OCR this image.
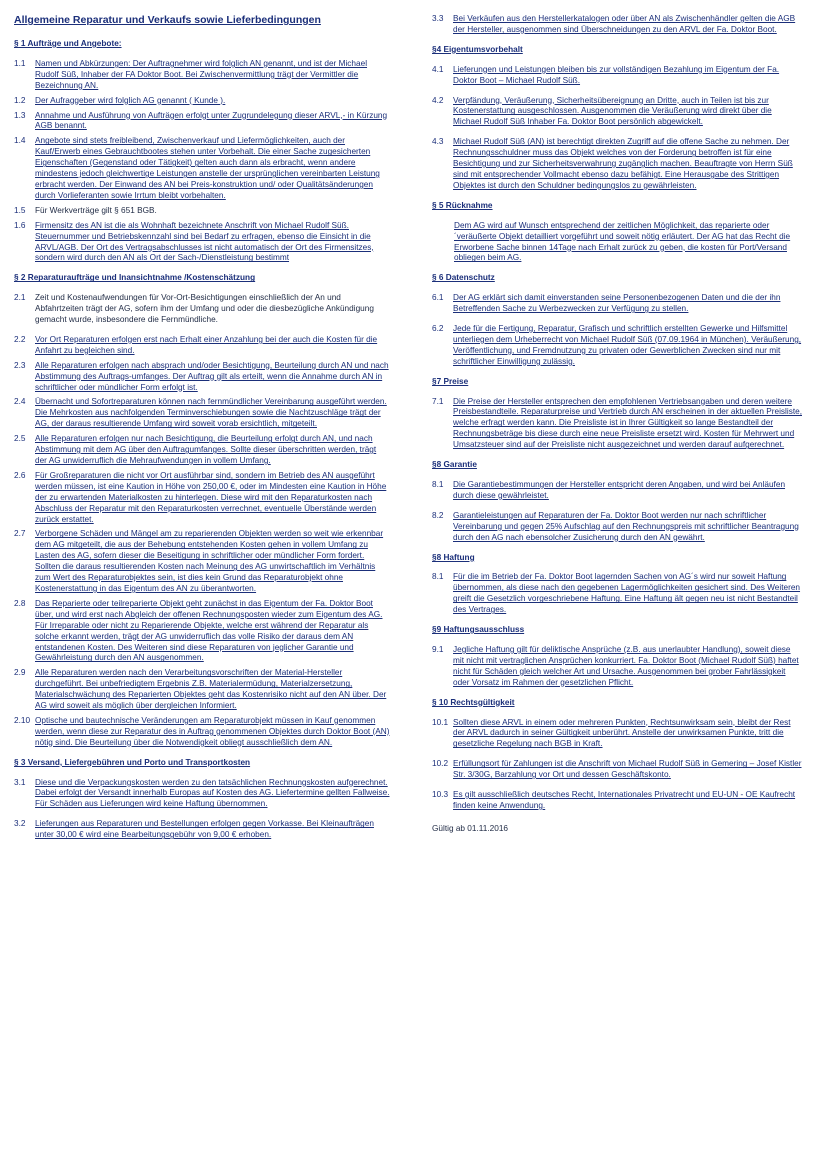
Allgemeine Reparatur und Verkaufs sowie Lieferbedingungen
§ 1 Aufträge und Angebote:
1.1	Namen und Abkürzungen: Der Auftragnehmer wird folglich AN genannt, und ist der Michael Rudolf Süß, Inhaber der FA Doktor Boot. Bei Zwischenvermittlung trägt der Vermittler die Bezeichnung AN.
1.2	Der Aufraggeber wird folglich AG genannt ( Kunde ).
1.3	Annahme und Ausführung von Aufträgen erfolgt unter Zugrundelegung dieser ARVL,- in Kürzung AGB benannt.
1.4	Angebote sind stets freibleibend, Zwischenverkauf und Liefermöglichkeiten, auch der Kauf/Erwerb eines Gebrauchtbootes stehen unter Vorbehalt. Die einer Sache zugesicherten Eigenschaften (Gegenstand oder Tätigkeit) gelten auch dann als erbracht, wenn andere mindestens jedoch gleichwertige Leistungen anstelle der ursprünglichen vereinbarten Leistung erbracht werden. Der Einwand des AN bei Preis-konstruktion und/ oder Qualitätsänderungen durch Vorlieferanten sowie Irrtum bleibt vorbehalten.
1.5	Für Werkverträge gilt § 651 BGB.
1.6	Firmensitz des AN ist die als Wohnhaft bezeichnete Anschrift von Michael Rudolf Süß. Steuernummer und Betriebskennzahl sind bei Bedarf zu erfragen, ebenso die Einsicht in die ARVL/AGB. Der Ort des Vertragsabschlusses ist nicht automatisch der Ort des Firmensitzes, sondern wird durch den AN als Ort der Sach-/Dienstleistung bestimmt
§ 2 Reparaturaufträge und Inansichtnahme /Kostenschätzung
2.1	Zeit und Kostenaufwendungen für Vor-Ort-Besichtigungen einschließlich der An und Abfahrtzeiten trägt der AG, sofern ihm der Umfang und oder die diesbezügliche Ankündigung gemacht wurde, insbesondere die Fernmündliche.
2.2	Vor Ort Reparaturen erfolgen erst nach Erhalt einer Anzahlung bei der auch die Kosten für die Anfahrt zu begleichen sind.
2.3	Alle Reparaturen erfolgen nach absprach und/oder Besichtigung, Beurteilung durch AN und nach Abstimmung des Auftrags-umfanges. Der Auftrag gilt als erteilt, wenn die Annahme durch AN in schriftlicher oder mündlicher Form erfolgt ist.
2.4	Übernacht und Sofortreparaturen können nach fernmündlicher Vereinbarung ausgeführt werden. Die Mehrkosten aus nachfolgenden Terminverschiebungen sowie die Nachtzuschläge trägt der AG, der daraus resultierende Umfang wird soweit vorab ersichtlich, mitgeteilt.
2.5	Alle Reparaturen erfolgen nur nach Besichtigung, die Beurteilung erfolgt durch AN, und nach Abstimmung mit dem AG über den Auftragumfanges. Sollte dieser überschritten werden, trägt der AG unwiderruflich die Mehraufwendungen in vollem Umfang.
2.6	Für Großreparaturen die nicht vor Ort ausführbar sind, sondern im Betrieb des AN ausgeführt werden müssen, ist eine Kaution in Höhe von 250,00 €, oder im Mindesten eine Kaution in Höhe der zu erwartenden Materialkosten zu hinterlegen. Diese wird mit den Reparaturkosten nach Abschluss der Reparatur mit den Reparaturkosten verrechnet, eventuelle Überstände werden zurück erstattet.
2.7	Verborgene Schäden und Mängel am zu reparierenden Objekten werden so weit wie erkennbar dem AG mitgeteilt, die aus der Behebung entstehenden Kosten gehen in vollem Umfang zu Lasten des AG, sofern dieser die Beseitigung in schriftlicher oder mündlicher Form fordert. Sollten die daraus resultierenden Kosten nach Meinung des AG unwirtschaftlich im Verhältnis zum Wert des Reparaturobjektes sein, ist dies kein Grund das Reparaturobjekt ohne Kostenerstattung in das Eigentum des AN zu überantworten.
2.8	Das Reparierte oder teilreparierte Objekt geht zunächst in das Eigentum der Fa. Doktor Boot über, und wird erst nach Abgleich der offenen Rechnungsposten wieder zum Eigentum des AG. Für Irreparable oder nicht zu Reparierende Objekte, welche erst während der Reparatur als solche erkannt werden, trägt der AG unwiderruflich das volle Risiko der daraus dem AN entstandenen Kosten. Des Weiteren sind diese Reparaturen von jeglicher Garantie und Gewährleistung durch den AN ausgenommen.
2.9	Alle Reparaturen werden nach den Verarbeitungsvorschriften der Material-Hersteller durchgeführt. Bei unbefriedigtem Ergebnis Z.B. Materialermüdung, Materialzersetzung, Materialschwächung des Reparierten Objektes geht das Kostenrisiko nicht auf den AN über. Der AG wird soweit als möglich über dergleichen Informiert.
2.10 Optische und bautechnische Veränderungen am Reparaturobjekt müssen in Kauf genommen werden, wenn diese zur Reparatur des in Auftrag genommenen Objektes durch Doktor Boot (AN) nötig sind. Die Beurteilung über die Notwendigkeit obliegt ausschließlich dem AN.
§ 3 Versand, Liefergebühren und Porto und Transportkosten
3.1	Diese und die Verpackungskosten werden zu den tatsächlichen Rechnungskosten aufgerechnet. Dabei erfolgt der Versandt innerhalb Europas auf Kosten des AG. Liefertermine gellten Fallweise. Für Schäden aus Lieferungen wird keine Haftung übernommen.
3.2	Lieferungen aus Reparaturen und Bestellungen erfolgen gegen Vorkasse. Bei Kleinaufträgen unter 30,00 € wird eine Bearbeitungsgebühr von 9,00 € erhoben.
3.3	Bei Verkäufen aus den Herstellerkatalogen oder über AN als Zwischenhändler gelten die AGB der Hersteller, ausgenommen sind Überschneidungen zu den ARVL der Fa. Doktor Boot.
§4 Eigentumsvorbehalt
4.1	Lieferungen und Leistungen bleiben bis zur vollständigen Bezahlung im Eigentum der Fa. Doktor Boot – Michael Rudolf Süß.
4.2	Verpfändung, Veräußerung, Sicherheitsübereignung an Dritte, auch in Teilen ist bis zur Kostenerstattung ausgeschlossen. Ausgenommen die Veräußerung wird direkt über die Michael Rudolf Süß Inhaber Fa. Doktor Boot persönlich abgewickelt.
4.3	Michael Rudolf Süß (AN) ist berechtigt direkten Zugriff auf die offene Sache zu nehmen. Der Rechnungsschuldner muss das Objekt welches von der Forderung betroffen ist für eine Besichtigung und zur Sicherheitsverwahrung zugänglich machen. Beauftragte von Herrn Süß sind mit entsprechender Vollmacht ebenso dazu befähigt. Eine Herausgabe des Strittigen Objektes ist durch den Schuldner bedingungslos zu gewährleisten.
§ 5 Rücknahme
Dem AG wird auf Wunsch entsprechend der zeitlichen Möglichkeit, das reparierte oder´veräußerte Objekt detailliert vorgeführt und soweit nötig erläutert. Der AG hat das Recht die Erworbene Sache binnen 14Tage nach Erhalt zurück zu geben, die kosten für Port/Versand obliegen beim AG.
§ 6 Datenschutz
6.1	Der AG erklärt sich damit einverstanden seine Personenbezogenen Daten und die der ihn Betreffenden Sache zu Werbezwecken zur Verfügung zu stellen.
6.2	Jede für die Fertigung, Reparatur, Grafisch und schriftlich erstellten Gewerke und Hilfsmittel unterliegen dem Urheberrecht von Michael Rudolf Süß (07.09.1964 in München). Veräußerung, Veröffentlichung, und Fremdnutzung zu privaten oder Gewerblichen Zwecken sind nur mit schriftlicher Einwilligung zulässig.
§7 Preise
7.1	Die Preise der Hersteller entsprechen den empfohlenen Vertriebsangaben und deren weitere Preisbestandteile. Reparaturpreise und Vertrieb durch AN erscheinen in der aktuellen Preisliste, welche erfragt werden kann. Die Preisliste ist in Ihrer Gültigkeit so lange Bestandteil der Rechnungsbeträge bis diese durch eine neue Preisliste ersetzt wird. Kosten für Mehrwert und Umsatzsteuer sind auf der Preisliste nicht ausgezeichnet und werden darauf aufgerechnet.
§8 Garantie
8.1	Die Garantiebestimmungen der Hersteller entspricht deren Angaben, und wird bei Anläufen durch diese gewährleistet.
8.2	Garantieleistungen auf Reparaturen der Fa. Doktor Boot werden nur nach schriftlicher Vereinbarung und gegen 25% Aufschlag auf den Rechnungspreis mit schriftlicher Beantragung durch den AG nach ebensolcher Zusicherung durch den AN gewährt.
§8 Haftung
8.1	Für die im Betrieb der Fa. Doktor Boot lagernden Sachen von AG´s wird nur soweit Haftung übernommen, als diese nach den gegebenen Lagermöglichkeiten gesichert sind. Des Weiteren greift die Gesetzlich vorgeschriebene Haftung. Eine Haftung ält gegen neu ist nicht Bestandteil des Vertrages.
§9 Haftungsausschluss
9.1	Jegliche Haftung gilt für deliktische Ansprüche (z.B. aus unerlaubter Handlung), soweit diese mit nicht mit vertraglichen Ansprüchen konkurriert. Fa. Doktor Boot (Michael Rudolf Süß) haftet nicht für Schäden gleich welcher Art und Ursache. Ausgenommen bei grober Fahrlässigkeit oder Vorsatz im Rahmen der gesetzlichen Pflicht.
§ 10 Rechtsgültigkeit
10.1 Sollten diese ARVL in einem oder mehreren Punkten, Rechtsunwirksam sein, bleibt der Rest der ARVL dadurch in seiner Gültigkeit unberührt. Anstelle der unwirksamen Punkte, tritt die gesetzliche Regelung nach BGB in Kraft.
10.2 Erfüllungsort für Zahlungen ist die Anschrift von Michael Rudolf Süß in Gemering – Josef Kistler Str. 3/30G, Barzahlung vor Ort und dessen Geschäftskonto.
10.3 Es gilt ausschließlich deutsches Recht, Internationales Privatrecht und EU-UN - OE Kaufrecht finden keine Anwendung.
Gültig ab 01.11.2016
